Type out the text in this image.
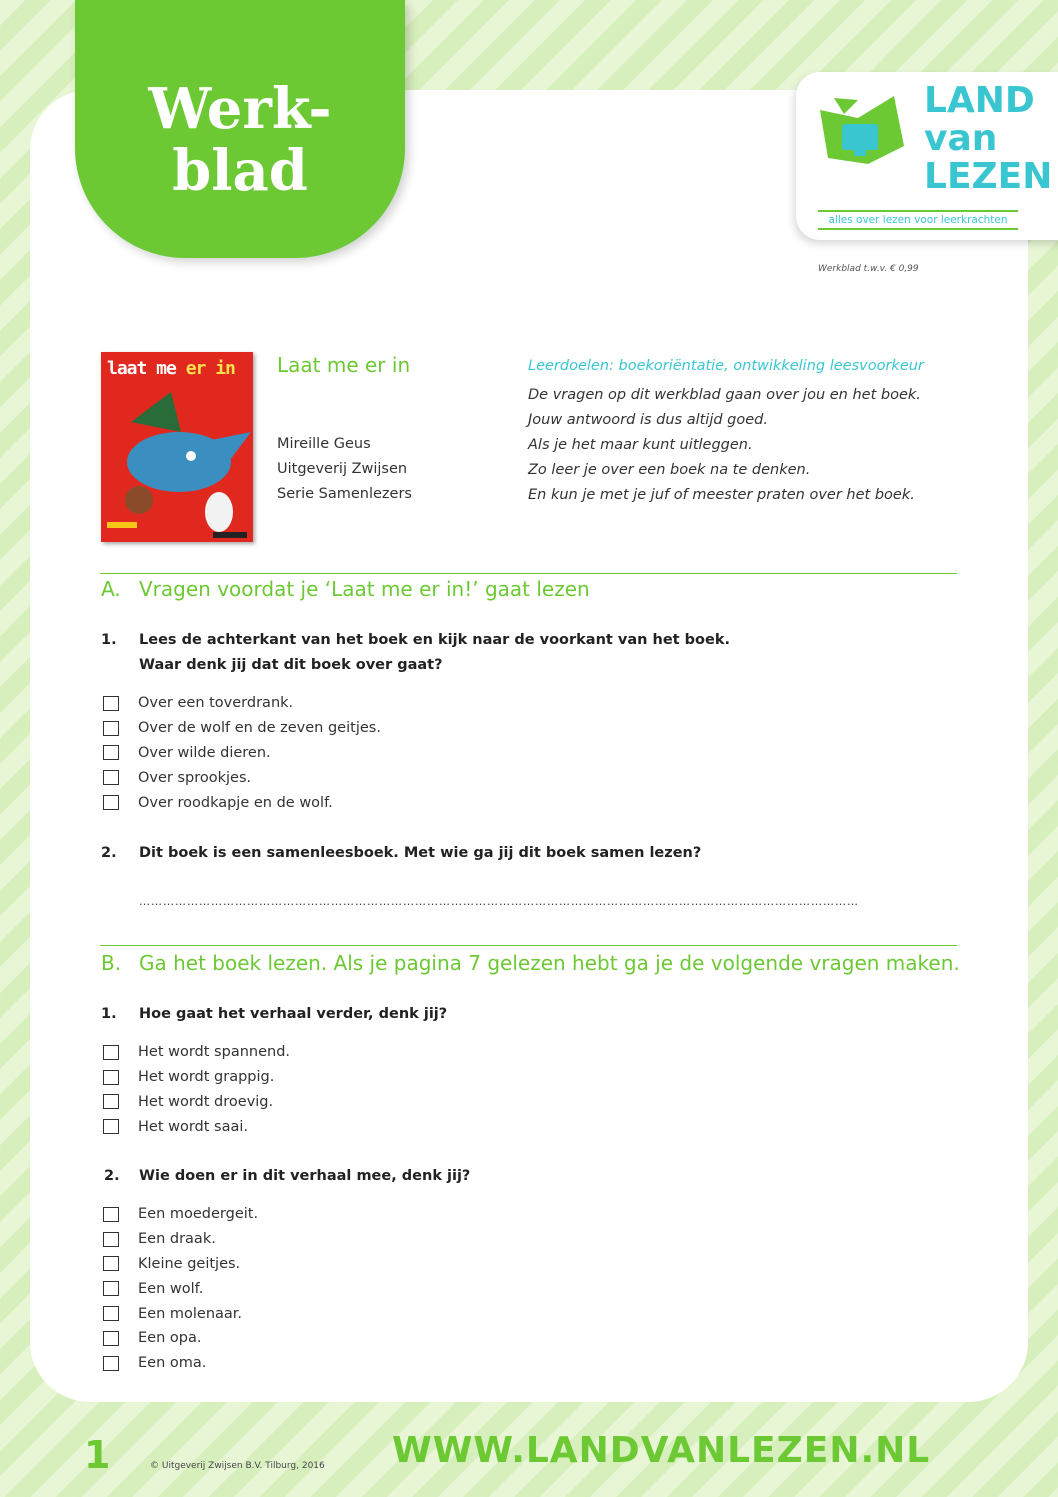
Werk-
blad
LAND
van
LEZEN
alles over lezen voor leerkrachten
Werkblad t.w.v. € 0,99
laat me er in Laat me er in
Mireille Geus
Uitgeverij Zwijsen
Serie Samenlezers
Leerdoelen: boekoriëntatie, ontwikkeling leesvoorkeur
De vragen op dit werkblad gaan over jou en het boek.
Jouw antwoord is dus altijd goed.
Als je het maar kunt uitleggen.
Zo leer je over een boek na te denken.
En kun je met je juf of meester praten over het boek.
A. Vragen voordat je ‘Laat me er in!’ gaat lezen
1. Lees de achterkant van het boek en kijk naar de voorkant van het boek.
Waar denk jij dat dit boek over gaat?
Over een toverdrank.
Over de wolf en de zeven geitjes.
Over wilde dieren.
Over sprookjes.
Over roodkapje en de wolf.
2. Dit boek is een samenleesboek. Met wie ga jij dit boek samen lezen?
………………………………………………………………………………………………………………………………………………………………
B. Ga het boek lezen. Als je pagina 7 gelezen hebt ga je de volgende vragen maken.
1. Hoe gaat het verhaal verder, denk jij?
Het wordt spannend.
Het wordt grappig.
Het wordt droevig.
Het wordt saai.
2. Wie doen er in dit verhaal mee, denk jij?
Een moedergeit.
Een draak.
Kleine geitjes.
Een wolf.
Een molenaar.
Een opa.
Een oma.
1	© Uitgeverij Zwijsen B.V. Tilburg, 2016 WWW.LANDVANLEZEN.NL
